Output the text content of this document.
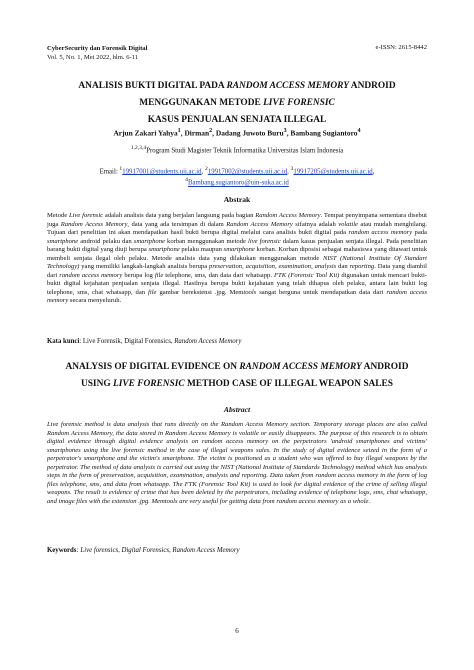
CyberSecurity dan Forensik Digital
Vol. 5, No. 1, Mei 2022, hlm. 6-11
e-ISSN: 2615-8442
ANALISIS BUKTI DIGITAL PADA RANDOM ACCESS MEMORY ANDROID
MENGGUNAKAN METODE LIVE FORENSIC
KASUS PENJUALAN SENJATA ILLEGAL
Arjun Zakari Yahya$^1$, Dirman$^2$, Dadang Juwoto Buru$^3$, Bambang Sugiantoro$^4$
$^{1,2,3,4}$Program Studi Magister Teknik Informatika Universitas Islam Indonesia
Email: $^1$19917001@students.uii.ac.id, $^2$19917002@students.uii.ac.id, $^3$19917205@students.uii.ac.id,
$^4$Bambang.sugiantoro@uin-suka.ac.id
Abstrak
Metode Live forensic adalah analisis data yang berjalan langsung pada bagian Random Access Memory. Tempat penyimpana sementara disebut juga Random Access Memory, data yang ada tersimpan di dalam Random Access Memory sifatnya adalah volatile atau mudah menghilang. Tujuan dari penelitian ini akan mendapatkan hasil bukti berupa digital melalui cara analisis bukti digital pada random access memory pada smartphone android pelaku dan smartphone korban menggunakan metode live forensic dalam kasus penjualan senjata illegal. Pada penelitian barang bukti digital yang diuji berupa smartphone pelaku maupun smartphone korban. Korban diposisi sebagai mahasiswa yang ditawari untuk membeli senjata ilegal oleh pelaku. Metode analisis data yang dilakukan menggunakan metode NIST (National Institute Of Standart Technology) yang memiliki langkah-langkah analisis berupa preservation, acquisition, examination, analysis dan reporting. Data yang diambil dari random access memory berupa log file telephone, sms, dan data dari whatsapp. FTK (Forensic Tool Kit) digunakan untuk mencari bukti-bukti digital kejahatan penjualan senjata illegal. Hasilnya berupa bukti kejahatan yang telah dihapus oleh pelaku, antara lain bukti log telephone, sms, chat whatsapp, dan file gambar berekstensi .jpg. Memtools sangat berguna untuk mendapatkan data dari random access memory secara menyeluruh.
Kata kunci: Live Forensik, Digital Forensics, Random Access Memory
ANALYSIS OF DIGITAL EVIDENCE ON RANDOM ACCESS MEMORY ANDROID
USING LIVE FORENSIC METHOD CASE OF ILLEGAL WEAPON SALES
Abstract
Live forensic method is data analysis that runs directly on the Random Access Memory section. Temporary storage places are also called Random Access Memory, the data stored in Random Access Memory is volatile or easily disappears. The purpose of this research is to obtain digital evidence through digital evidence analysis on random access memory on the perpetrators 'android smartphones and victims' smartphones using the live forensic method in the case of illegal weapons sales. In the study of digital evidence seized in the form of a perpetrator's smartphone and the victim's smartphone. The victim is positioned as a student who was offered to buy illegal weapons by the perpetrator. The method of data analysis is carried out using the NIST (National Institute of Standards Technology) method which has analysis steps in the form of preservation, acquisition, examination, analysis and reporting. Data taken from random access memory in the form of log files telephone, sms, and data from whatsapp. The FTK (Forensic Tool Kit) is used to look for digital evidence of the crime of selling illegal weapons. The result is evidence of crime that has been deleted by the perpetrators, including evidence of telephone logs, sms, chat whatsapp, and image files with the extension .jpg. Memtools are very useful for getting data from random access memory as a whole.
Keywords: Live forensics, Digital Forensics, Random Access Memory
6
